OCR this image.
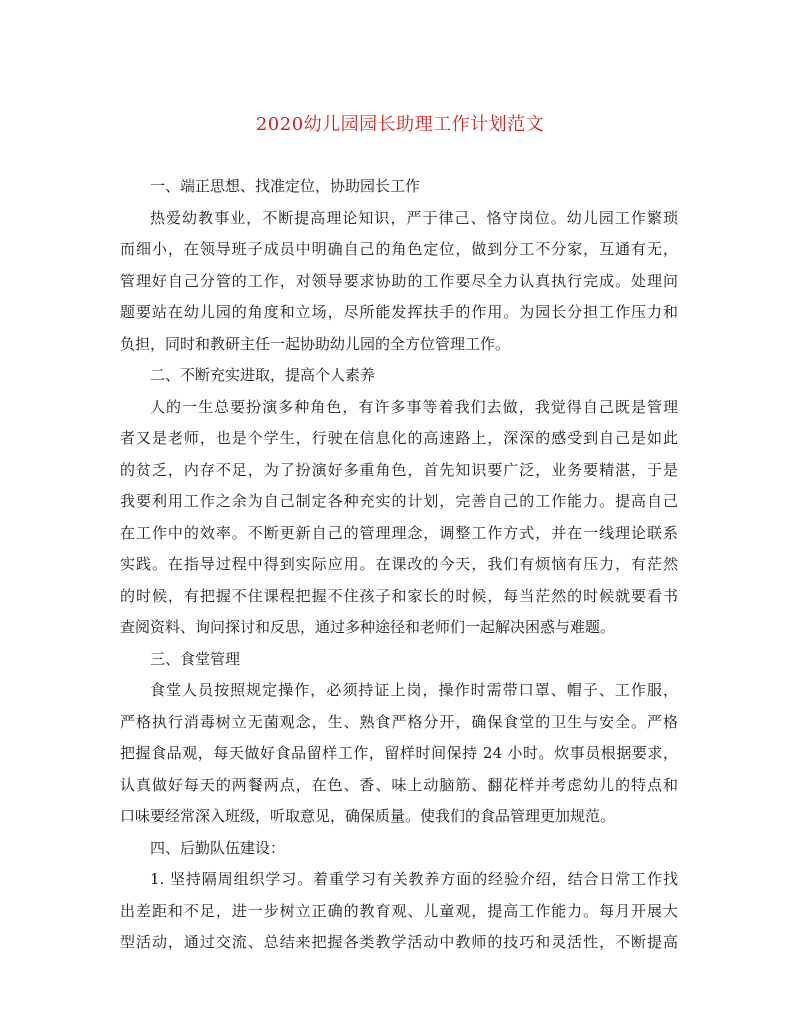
2020幼儿园园长助理工作计划范文
一、端正思想、找准定位，协助园长工作
热爱幼教事业，不断提高理论知识，严于律己、恪守岗位。幼儿园工作繁琐
而细小，在领导班子成员中明确自己的角色定位，做到分工不分家，互通有无，
管理好自己分管的工作，对领导要求协助的工作要尽全力认真执行完成。处理问
题要站在幼儿园的角度和立场，尽所能发挥扶手的作用。为园长分担工作压力和
负担，同时和教研主任一起协助幼儿园的全方位管理工作。
二、不断充实进取，提高个人素养
人的一生总要扮演多种角色，有许多事等着我们去做，我觉得自己既是管理
者又是老师，也是个学生，行驶在信息化的高速路上，深深的感受到自己是如此
的贫乏，内存不足，为了扮演好多重角色，首先知识要广泛，业务要精湛，于是
我要利用工作之余为自己制定各种充实的计划，完善自己的工作能力。提高自己
在工作中的效率。不断更新自己的管理理念，调整工作方式，并在一线理论联系
实践。在指导过程中得到实际应用。在课改的今天，我们有烦恼有压力，有茫然
的时候，有把握不住课程把握不住孩子和家长的时候，每当茫然的时候就要看书
查阅资料、询问探讨和反思，通过多种途径和老师们一起解决困惑与难题。
三、食堂管理
食堂人员按照规定操作，必须持证上岗，操作时需带口罩、帽子、工作服，
严格执行消毒树立无菌观念，生、熟食严格分开，确保食堂的卫生与安全。严格
把握食品观，每天做好食品留样工作，留样时间保持 24 小时。炊事员根据要求，
认真做好每天的两餐两点，在色、香、味上动脑筋、翻花样并考虑幼儿的特点和
口味要经常深入班级，听取意见，确保质量。使我们的食品管理更加规范。
四、后勤队伍建设：
1. 坚持隔周组织学习。着重学习有关教养方面的经验介绍，结合日常工作找
出差距和不足，进一步树立正确的教育观、儿童观，提高工作能力。每月开展大
型活动，通过交流、总结来把握各类教学活动中教师的技巧和灵活性，不断提高
